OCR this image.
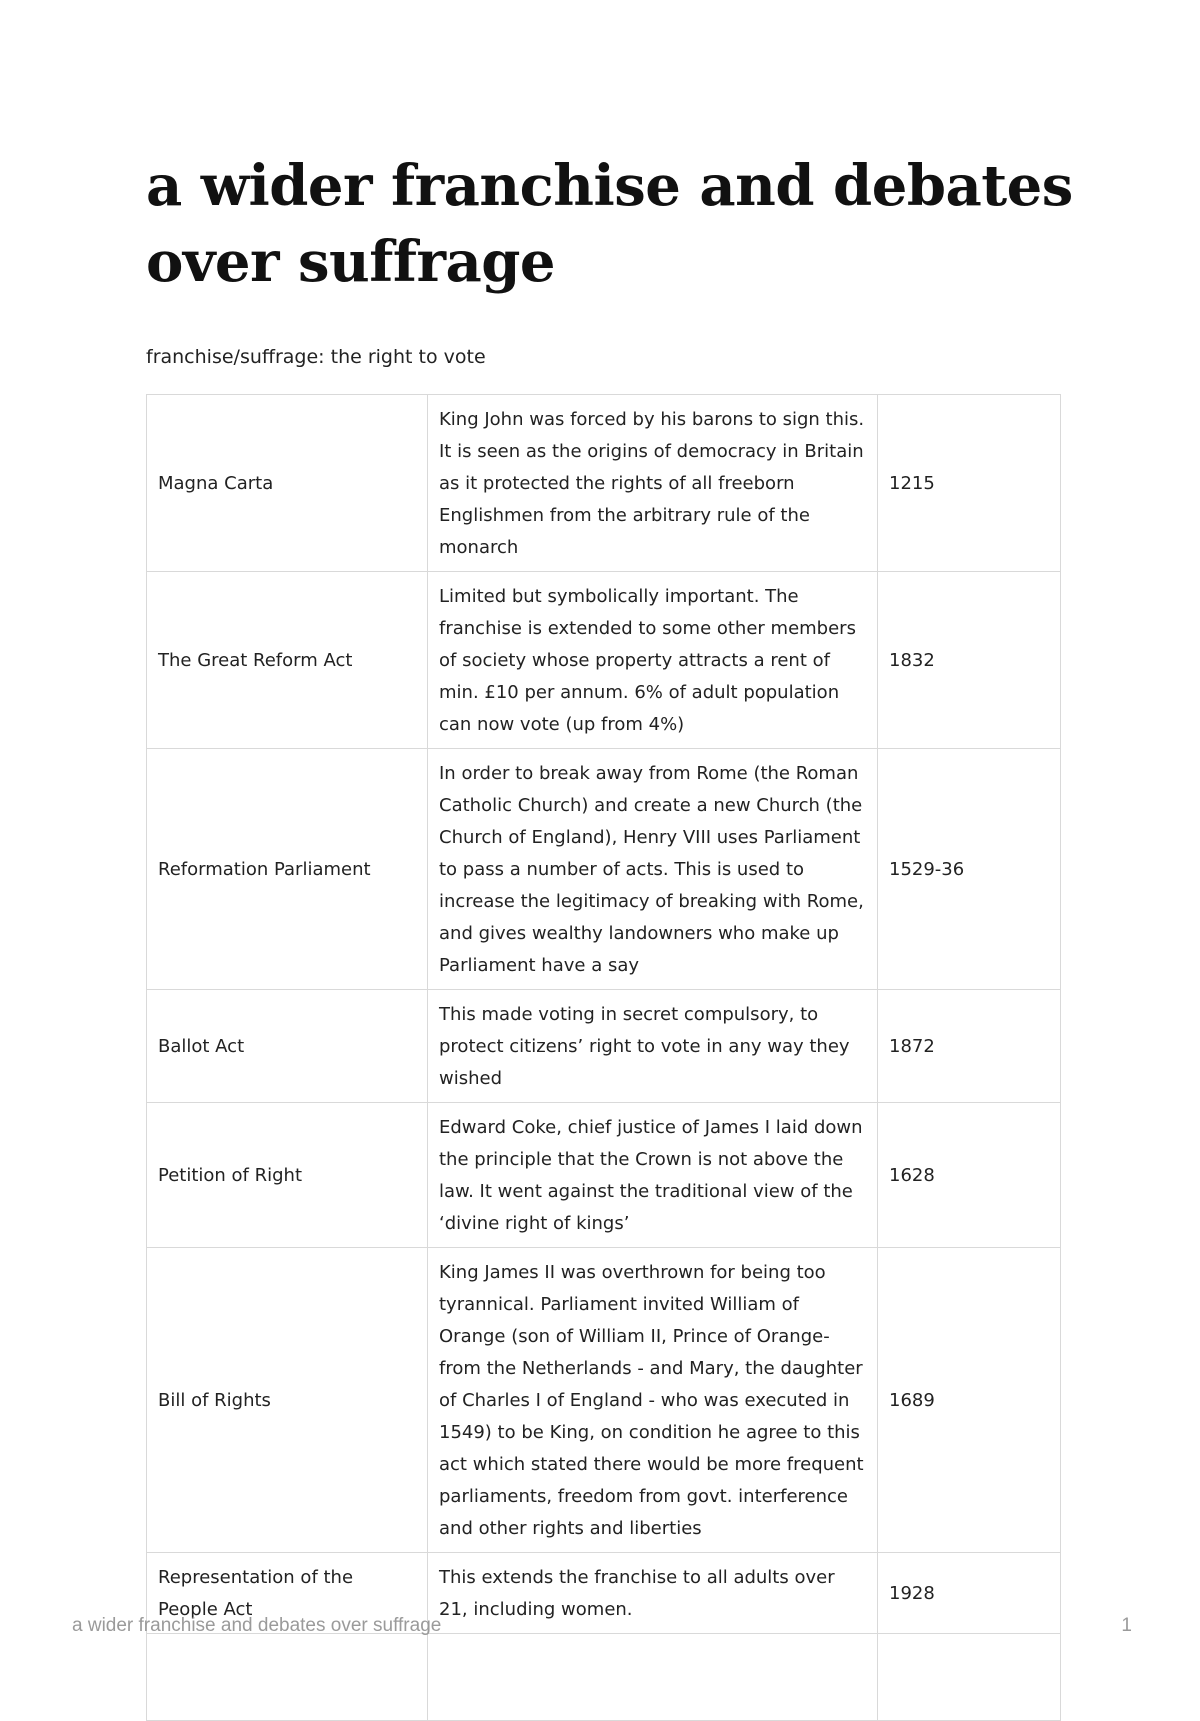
a wider franchise and debates over suffrage

franchise/suffrage: the right to vote

Magna Carta	King John was forced by his barons to sign this. It is seen as the origins of democracy in Britain as it protected the rights of all freeborn Englishmen from the arbitrary rule of the monarch	1215
The Great Reform Act	Limited but symbolically important. The franchise is extended to some other members of society whose property attracts a rent of min. £10 per annum. 6% of adult population can now vote (up from 4%)	1832
Reformation Parliament	In order to break away from Rome (the Roman Catholic Church) and create a new Church (the Church of England), Henry VIII uses Parliament to pass a number of acts. This is used to increase the legitimacy of breaking with Rome, and gives wealthy landowners who make up Parliament have a say	1529-36
Ballot Act	This made voting in secret compulsory, to protect citizens’ right to vote in any way they wished	1872
Petition of Right	Edward Coke, chief justice of James I laid down the principle that the Crown is not above the law. It went against the traditional view of the ‘divine right of kings’	1628
Bill of Rights	King James II was overthrown for being too tyrannical. Parliament invited William of Orange (son of William II, Prince of Orange- from the Netherlands - and Mary, the daughter of Charles I of England - who was executed in 1549) to be King, on condition he agree to this act which stated there would be more frequent parliaments, freedom from govt. interference and other rights and liberties	1689
Representation of the People Act	This extends the franchise to all adults over 21, including women.	1928

a wider franchise and debates over suffrage	1
